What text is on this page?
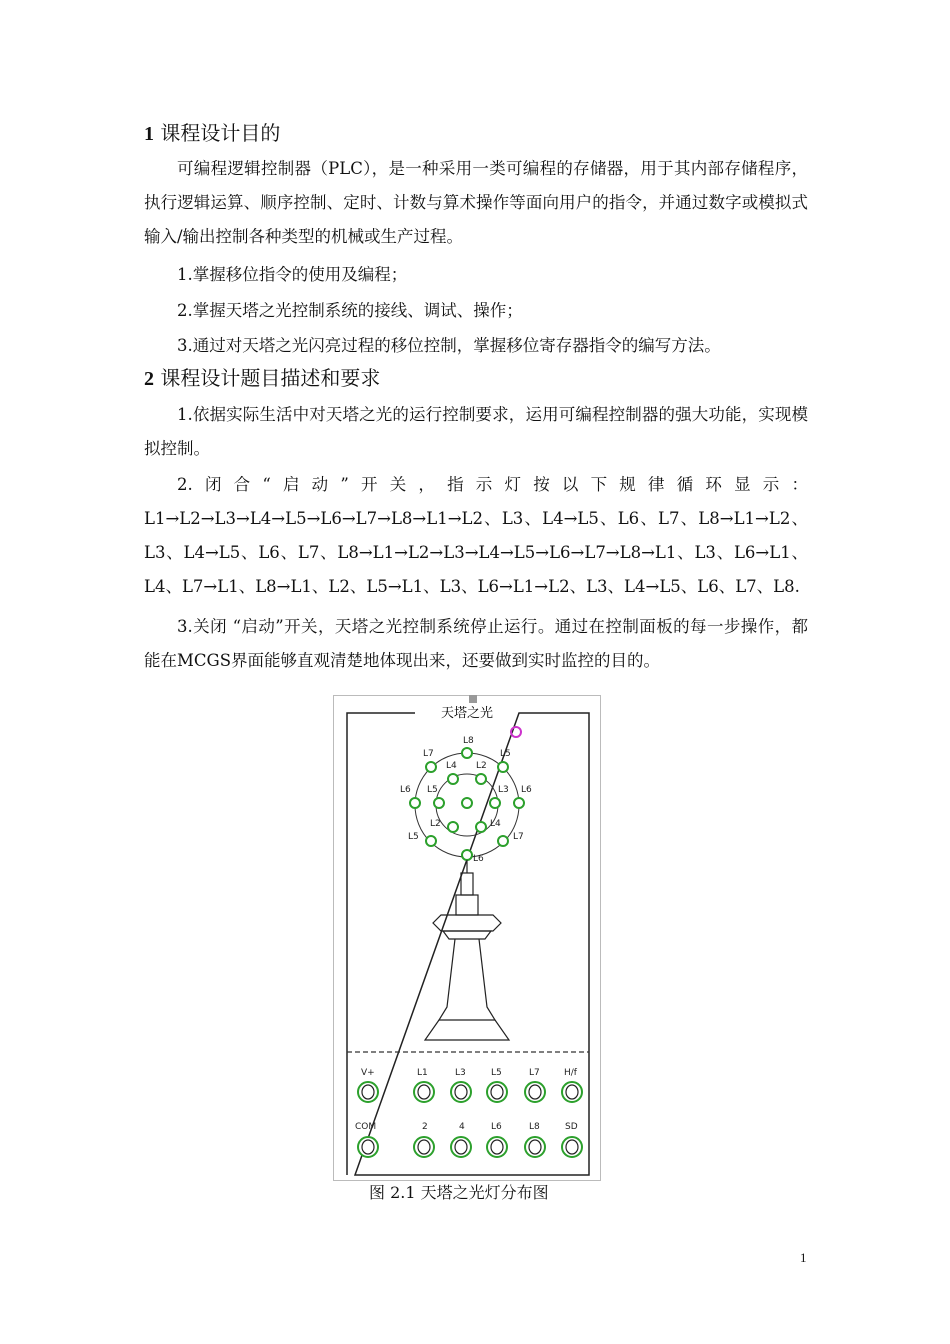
1 课程设计目的

可编程逻辑控制器（PLC），是一种采用一类可编程的存储器，用于其内部存储程序，执行逻辑运算、顺序控制、定时、计数与算术操作等面向用户的指令，并通过数字或模拟式输入/输出控制各种类型的机械或生产过程。

1.掌握移位指令的使用及编程；

2.掌握天塔之光控制系统的接线、调试、操作；

3.通过对天塔之光闪亮过程的移位控制，掌握移位寄存器指令的编写方法。

2 课程设计题目描述和要求

1.依据实际生活中对天塔之光的运行控制要求，运用可编程控制器的强大功能，实现模拟控制。

2.闭合“启动”开关，指示灯按以下规律循环显示：L1→L2→L3→L4→L5→L6→L7→L8→L1→L2、L3、L4→L5、L6、L7、L8→L1→L2、L3、L4→L5、L6、L7、L8→L1→L2→L3→L4→L5→L6→L7→L8→L1、L3、L6→L1、L4、L7→L1、L8→L1、L2、L5→L1、L3、L6→L1→L2、L3、L4→L5、L6、L7、L8.

3.关闭 “启动”开关，天塔之光控制系统停止运行。通过在控制面板的每一步操作，都能在MCGS界面能够直观清楚地体现出来，还要做到实时监控的目的。

天塔之光
L8
L7	L5
L4 L2
L6 L5	L3 L6
L2	L4
L5	L7
L6
V+	L1	L3	L5	L7	H/f
COM	2	4	L6	L8	SD
图 2.1 天塔之光灯分布图
1
